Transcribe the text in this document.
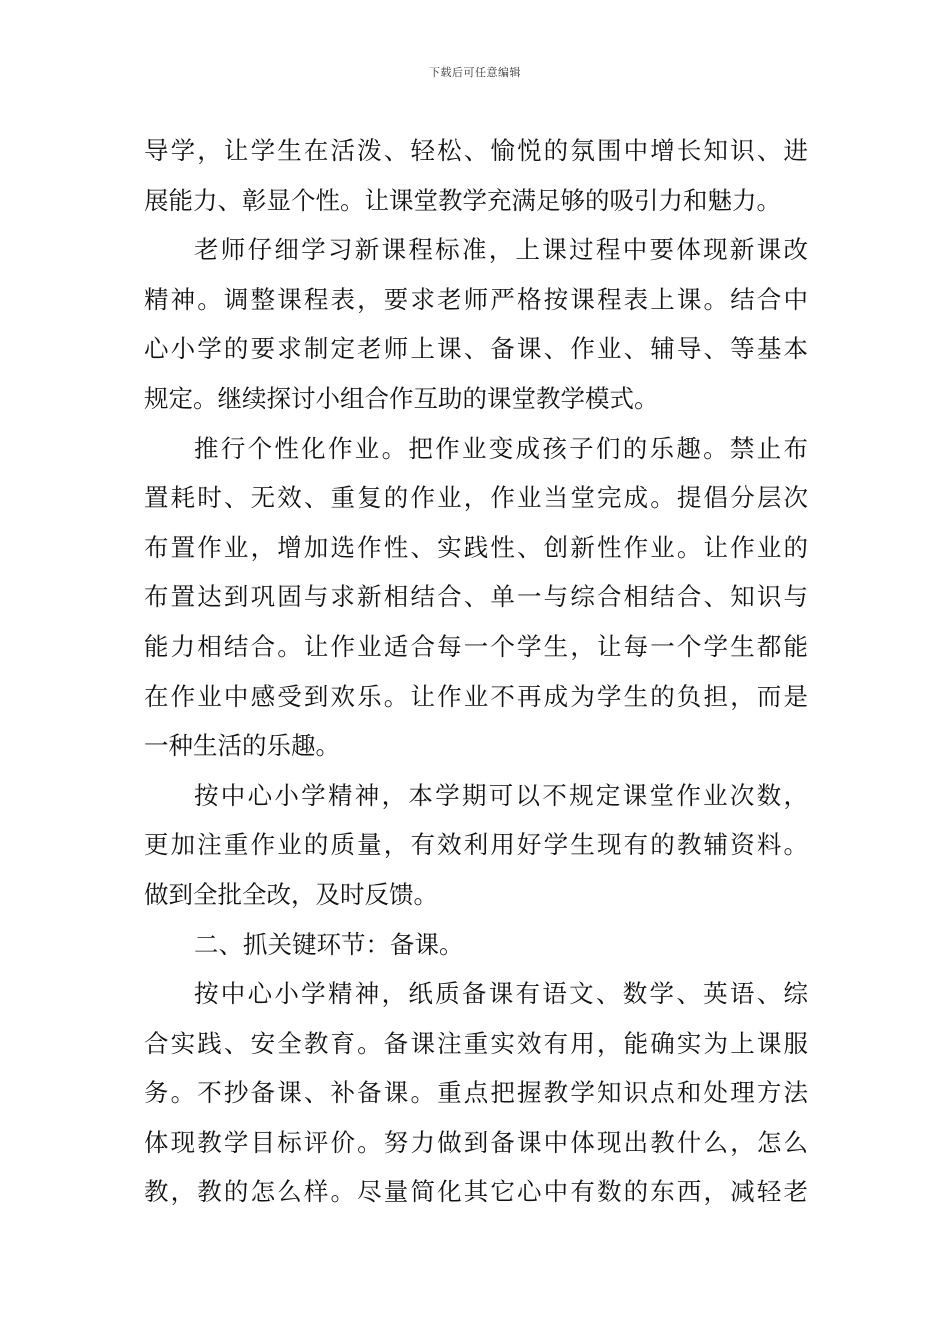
下载后可任意编辑
导学，让学生在活泼、轻松、愉悦的氛围中增长知识、进
展能力、彰显个性。让课堂教学充满足够的吸引力和魅力。
老师仔细学习新课程标准，上课过程中要体现新课改
精神。调整课程表，要求老师严格按课程表上课。结合中
心小学的要求制定老师上课、备课、作业、辅导、等基本
规定。继续探讨小组合作互助的课堂教学模式。
推行个性化作业。把作业变成孩子们的乐趣。禁止布
置耗时、无效、重复的作业，作业当堂完成。提倡分层次
布置作业，增加选作性、实践性、创新性作业。让作业的
布置达到巩固与求新相结合、单一与综合相结合、知识与
能力相结合。让作业适合每一个学生，让每一个学生都能
在作业中感受到欢乐。让作业不再成为学生的负担，而是
一种生活的乐趣。
按中心小学精神，本学期可以不规定课堂作业次数，
更加注重作业的质量，有效利用好学生现有的教辅资料。
做到全批全改，及时反馈。
二、抓关键环节：备课。
按中心小学精神，纸质备课有语文、数学、英语、综
合实践、安全教育。备课注重实效有用，能确实为上课服
务。不抄备课、补备课。重点把握教学知识点和处理方法
体现教学目标评价。努力做到备课中体现出教什么，怎么
教，教的怎么样。尽量简化其它心中有数的东西，减轻老
